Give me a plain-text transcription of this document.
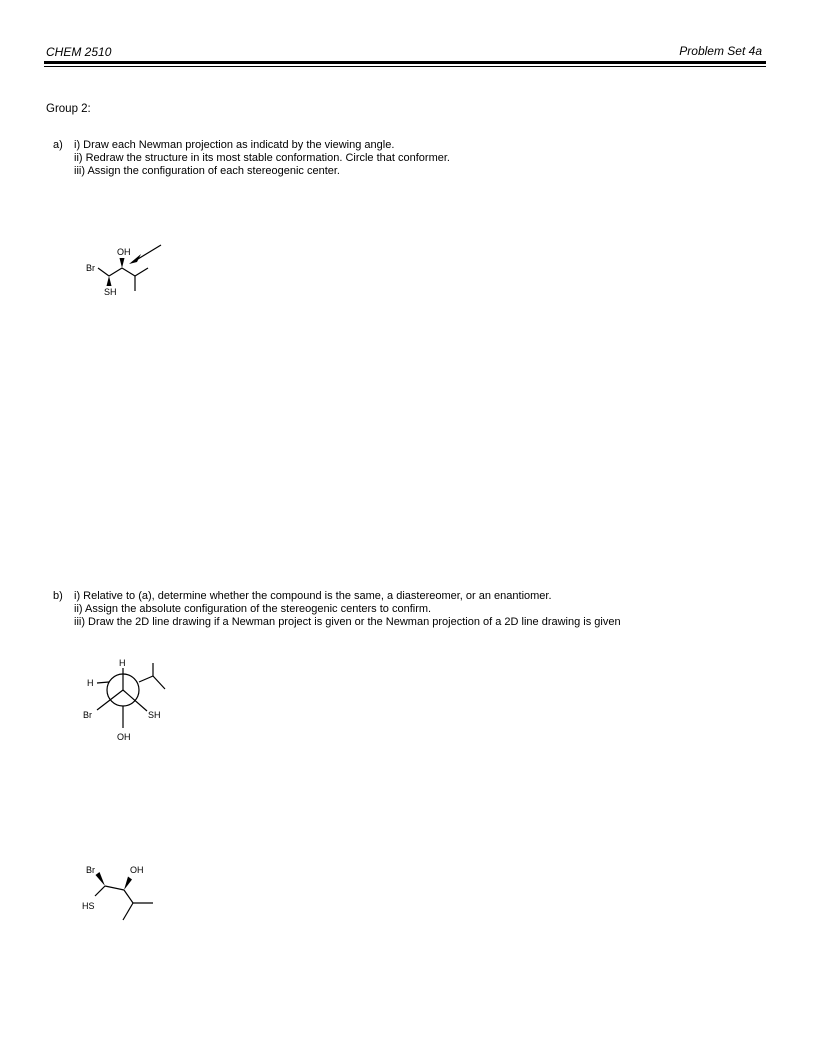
CHEM 2510	Problem Set 4a
Group 2:
a) i) Draw each Newman projection as indicatd by the viewing angle.
ii) Redraw the structure in its most stable conformation. Circle that conformer.
iii) Assign the configuration of each stereogenic center.
OH
Br
SH
b) i) Relative to (a), determine whether the compound is the same, a diastereomer, or an enantiomer.
ii) Assign the absolute configuration of the stereogenic centers to confirm.
iii) Draw the 2D line drawing if a Newman project is given or the Newman projection of a 2D line drawing is given
H
H
Br	SH
OH
Br	OH
HS
